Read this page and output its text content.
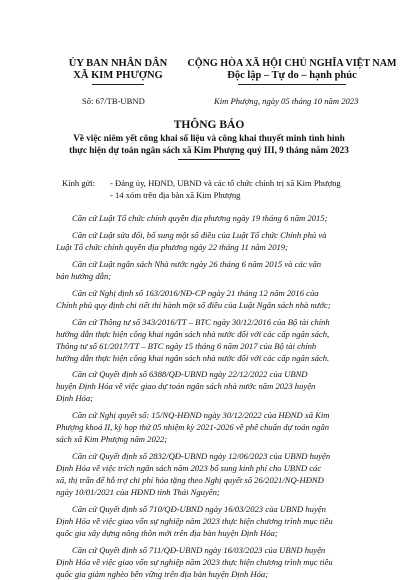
ỦY BAN NHÂN DÂN
XÃ KIM PHƯỢNG
CỘNG HÒA XÃ HỘI CHỦ NGHĨA VIỆT NAM
Độc lập – Tự do – hạnh phúc
Số: 67/TB-UBND	Kim Phượng, ngày 05 tháng 10 năm 2023
THÔNG BÁO
Về việc niêm yết công khai số liệu và công khai thuyết minh tình hình
thực hiện dự toán ngân sách xã Kim Phượng quý III, 9 tháng năm 2023
Kính gửi: - Đảng ủy, HĐND, UBND và các tổ chức chính trị xã Kim Phượng
- 14 xóm trên địa bàn xã Kim Phượng
Căn cứ Luật Tổ chức chính quyền địa phương ngày 19 tháng 6 năm 2015;
Căn cứ Luật sửa đổi, bổ sung một số điều của Luật Tổ chức Chính phủ và
Luật Tổ chức chính quyền địa phương ngày 22 tháng 11 năm 2019;
Căn cứ Luật ngân sách Nhà nước ngày 26 tháng 6 năm 2015 và các văn
bản hướng dẫn;
Căn cứ Nghị định số 163/2016/NĐ-CP ngày 21 tháng 12 năm 2016 của
Chính phủ quy định chi tiết thi hành một số điều của Luật Ngân sách nhà nước;
Căn cứ Thông tư số 343/2016/TT – BTC ngày 30/12/2016 của Bộ tài chính
hướng dẫn thực hiện công khai ngân sách nhà nước đối với các cấp ngân sách,
Thông tư số 61/2017/TT – BTC ngày 15 tháng 6 năm 2017 của Bộ tài chính
hướng dẫn thực hiện công khai ngân sách nhà nước đối với các cấp ngân sách.
Căn cứ Quyết định số 6388/QĐ-UBND ngày 22/12/2022 của UBND
huyện Định Hóa về việc giao dự toán ngân sách nhà nước năm 2023 huyện
Định Hóa;
Căn cứ Nghị quyết số: 15/NQ-HĐND ngày 30/12/2022 của HĐND xã Kim
Phượng khoá II, kỳ họp thứ 05 nhiệm kỳ 2021-2026 về phê chuẩn dự toán ngân
sách xã Kim Phượng năm 2022;
Căn cứ Quyết định số 2832/QĐ-UBND ngày 12/06/2023 của UBND huyện
Định Hóa về việc trích ngân sách năm 2023 bổ sung kinh phí cho UBND các
xã, thị trấn để hỗ trợ chi phí hóa tặng theo Nghị quyết số 26/2021/NQ-HĐND
ngày 10/01/2021 của HĐND tỉnh Thái Nguyên;
Căn cứ Quyết định số 710/QĐ-UBND ngày 16/03/2023 của UBND huyện
Định Hóa về việc giao vốn sự nghiệp năm 2023 thực hiện chương trình mục tiêu
quốc gia xây dựng nông thôn mới trên địa bàn huyện Định Hóa;
Căn cứ Quyết định số 711/QĐ-UBND ngày 16/03/2023 của UBND huyện
Định Hóa về việc giao vốn sự nghiệp năm 2023 thực hiện chương trình mục tiêu
quốc gia giảm nghèo bền vững trên địa bàn huyện Định Hóa;
